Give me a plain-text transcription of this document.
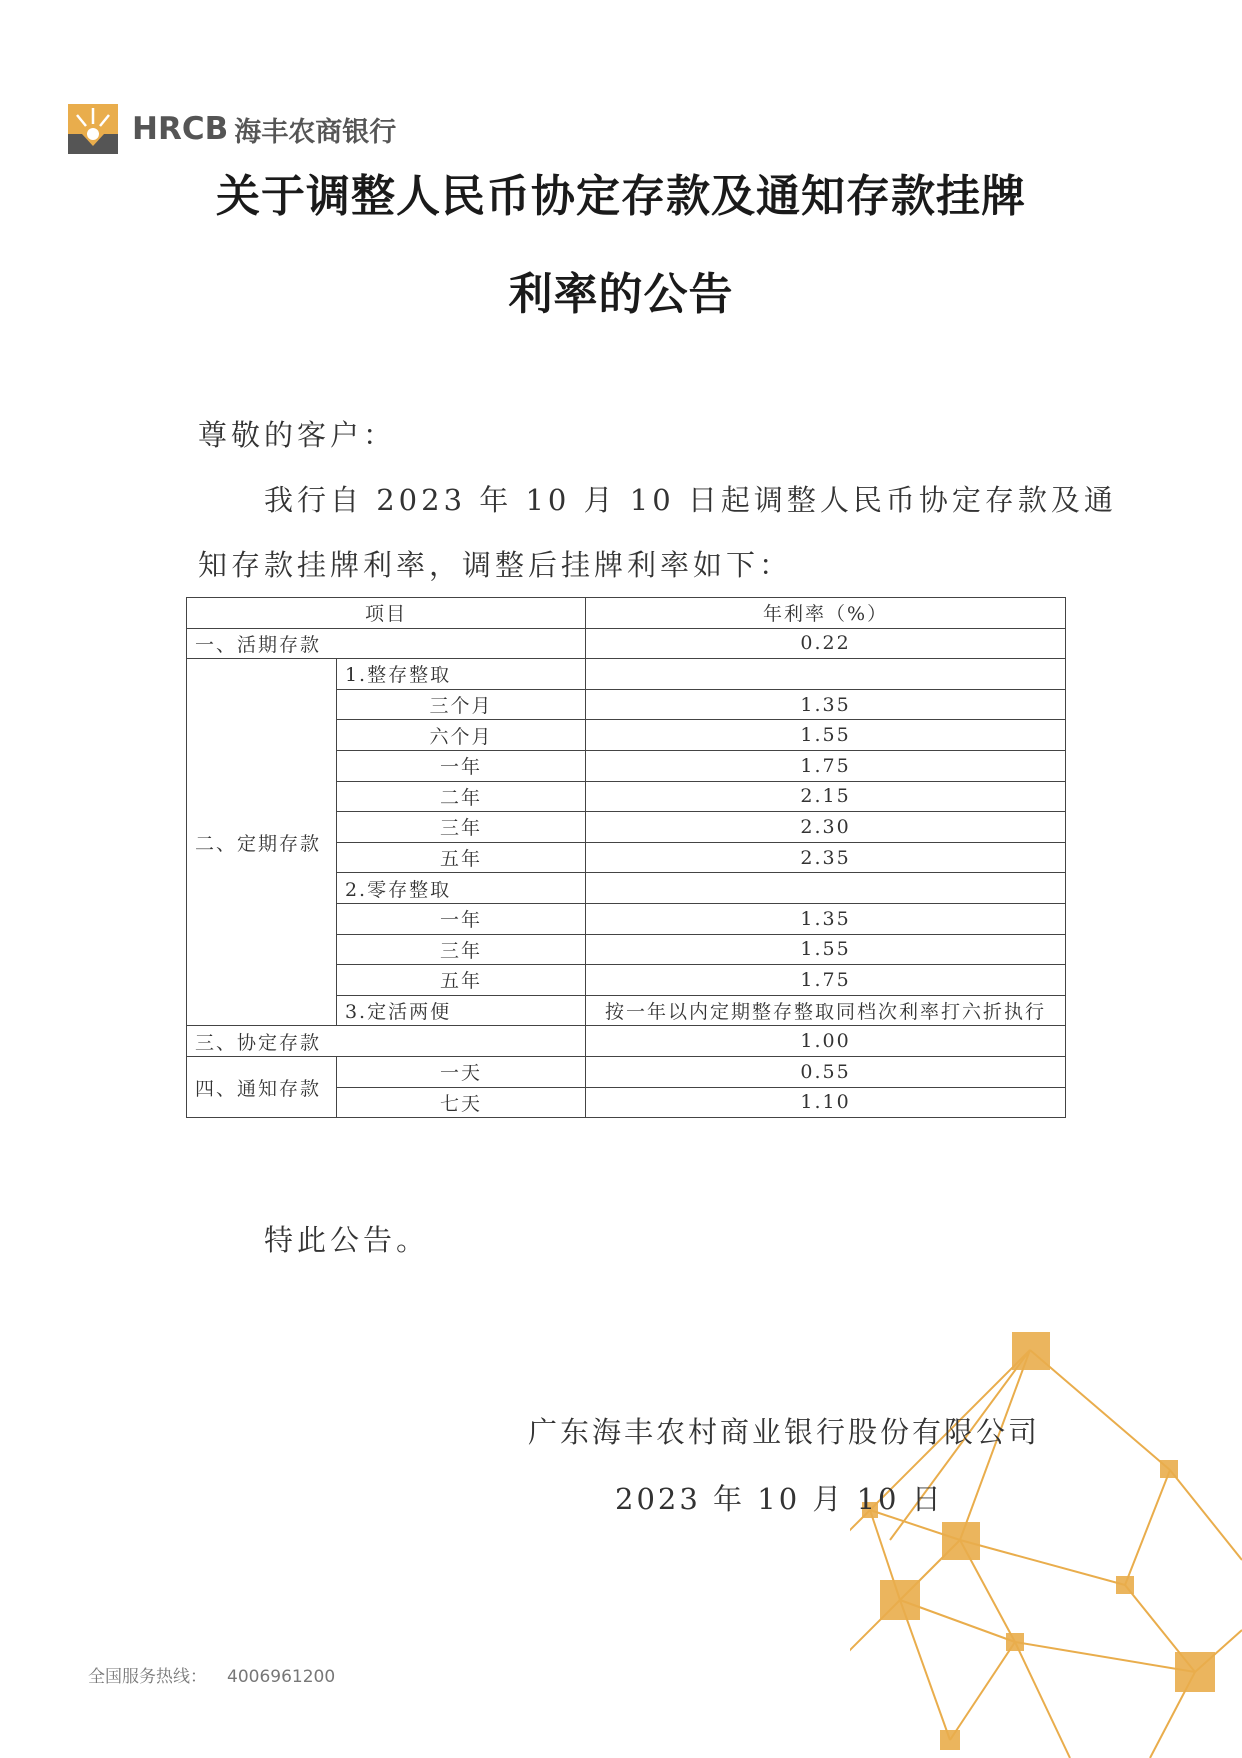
HRCB 海丰农商银行
关于调整人民币协定存款及通知存款挂牌
利率的公告
尊敬的客户：
我行自 2023 年 10 月 10 日起调整人民币协定存款及通
知存款挂牌利率，调整后挂牌利率如下：
项目		年利率（%）
一、活期存款		0.22
二、定期存款	1.整存整取	
	三个月	1.35
	六个月	1.55
	一年	1.75
	二年	2.15
	三年	2.30
	五年	2.35
	2.零存整取	
	一年	1.35
	三年	1.55
	五年	1.75
	3.定活两便	按一年以内定期整存整取同档次利率打六折执行
三、协定存款		1.00
四、通知存款	一天	0.55
	七天	1.10
特此公告。
广东海丰农村商业银行股份有限公司
2023 年 10 月 10 日
全国服务热线： 4006961200
